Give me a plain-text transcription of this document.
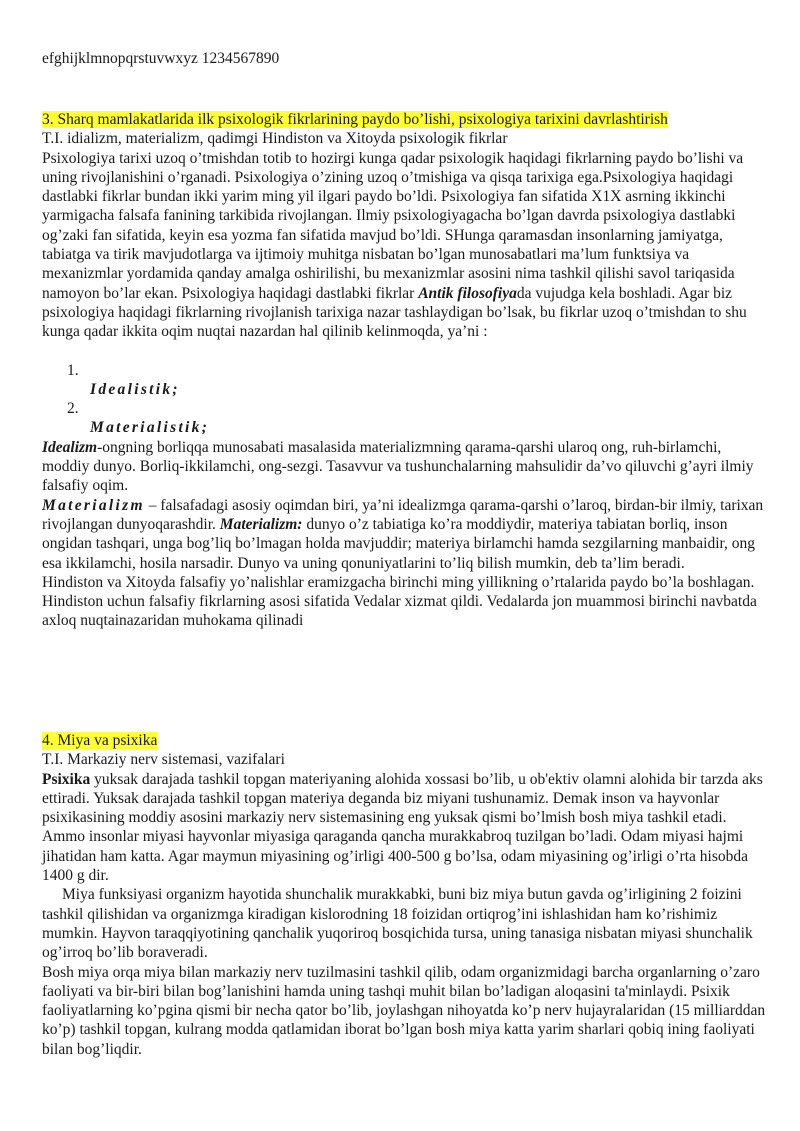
efghijklmnopqrstuvwxyz 1234567890

3. Sharq mamlakatlarida ilk psixologik fikrlarining paydo bo’lishi, psixologiya tarixini davrlashtirish

T.I. idializm, materializm, qadimgi Hindiston va Xitoyda psixologik fikrlar

Psixologiya tarixi uzoq o’tmishdan totib to hozirgi kunga qadar psixologik haqidagi fikrlarning paydo bo’lishi va uning rivojlanishini o’rganadi. Psixologiya o’zining uzoq o’tmishiga va qisqa tarixiga ega.Psixologiya haqidagi dastlabki fikrlar bundan ikki yarim ming yil ilgari paydo bo’ldi. Psixologiya fan sifatida X1X asrning ikkinchi yarmigacha falsafa fanining tarkibida rivojlangan. Ilmiy psixologiyagacha bo’lgan davrda psixologiya dastlabki og’zaki fan sifatida, keyin esa yozma fan sifatida mavjud bo’ldi. SHunga qaramasdan insonlarning jamiyatga, tabiatga va tirik mavjudotlarga va ijtimoiy muhitga nisbatan bo’lgan munosabatlari ma’lum funktsiya va mexanizmlar yordamida qanday amalga oshirilishi, bu mexanizmlar asosini nima tashkil qilishi savol tariqasida namoyon bo’lar ekan. Psixologiya haqidagi dastlabki fikrlar Antik filosofiyada vujudga kela boshladi. Agar biz psixologiya haqidagi fikrlarning rivojlanish tarixiga nazar tashlaydigan bo’lsak, bu fikrlar uzoq o’tmishdan to shu kunga qadar ikkita oqim nuqtai nazardan hal qilinib kelinmoqda, ya’ni :

1.
Idealistik;
2.
Materialistik;

Idealizm-ongning borliqqa munosabati masalasida materializmning qarama-qarshi ularoq ong, ruh-birlamchi, moddiy dunyo. Borliq-ikkilamchi, ong-sezgi. Tasavvur va tushunchalarning mahsulidir da’vo qiluvchi g’ayri ilmiy falsafiy oqim.

Materializm – falsafadagi asosiy oqimdan biri, ya’ni idealizmga qarama-qarshi o’laroq, birdan-bir ilmiy, tarixan rivojlangan dunyoqarashdir. Materializm: dunyo o’z tabiatiga ko’ra moddiydir, materiya tabiatan borliq, inson ongidan tashqari, unga bog’liq bo’lmagan holda mavjuddir; materiya birlamchi hamda sezgilarning manbaidir, ong esa ikkilamchi, hosila narsadir. Dunyo va uning qonuniyatlarini to’liq bilish mumkin, deb ta’lim beradi.

Hindiston va Xitoyda falsafiy yo’nalishlar eramizgacha birinchi ming yillikning o’rtalarida paydo bo’la boshlagan. Hindiston uchun falsafiy fikrlarning asosi sifatida Vedalar xizmat qildi. Vedalarda jon muammosi birinchi navbatda axloq nuqtainazaridan muhokama qilinadi

4. Miya va psixika

T.I. Markaziy nerv sistemasi, vazifalari

Psixika yuksak darajada tashkil topgan materiyaning alohida xossasi bo’lib, u ob'ektiv olamni alohida bir tarzda aks ettiradi. Yuksak darajada tashkil topgan materiya deganda biz miyani tushunamiz. Demak inson va hayvonlar psixikasining moddiy asosini markaziy nerv sistemasining eng yuksak qismi bo’lmish bosh miya tashkil etadi. Ammo insonlar miyasi hayvonlar miyasiga qaraganda qancha murakkabroq tuzilgan bo’ladi. Odam miyasi hajmi jihatidan ham katta. Agar maymun miyasining og’irligi 400-500 g bo’lsa, odam miyasining og’irligi o’rta hisobda 1400 g dir.

Miya funksiyasi organizm hayotida shunchalik murakkabki, buni biz miya butun gavda og’irligining 2 foizini tashkil qilishidan va organizmga kiradigan kislorodning 18 foizidan ortiqrog’ini ishlashidan ham ko’rishimiz mumkin. Hayvon taraqqiyotining qanchalik yuqoriroq bosqichida tursa, uning tanasiga nisbatan miyasi shunchalik og’irroq bo’lib boraveradi.

Bosh miya orqa miya bilan markaziy nerv tuzilmasini tashkil qilib, odam organizmidagi barcha organlarning o’zaro faoliyati va bir-biri bilan bog’lanishini hamda uning tashqi muhit bilan bo’ladigan aloqasini ta'minlaydi. Psixik faoliyatlarning ko’pgina qismi bir necha qator bo’lib, joylashgan nihoyatda ko’p nerv hujayralaridan (15 milliarddan ko’p) tashkil topgan, kulrang modda qatlamidan iborat bo’lgan bosh miya katta yarim sharlari qobiq ining faoliyati bilan bog’liqdir.
